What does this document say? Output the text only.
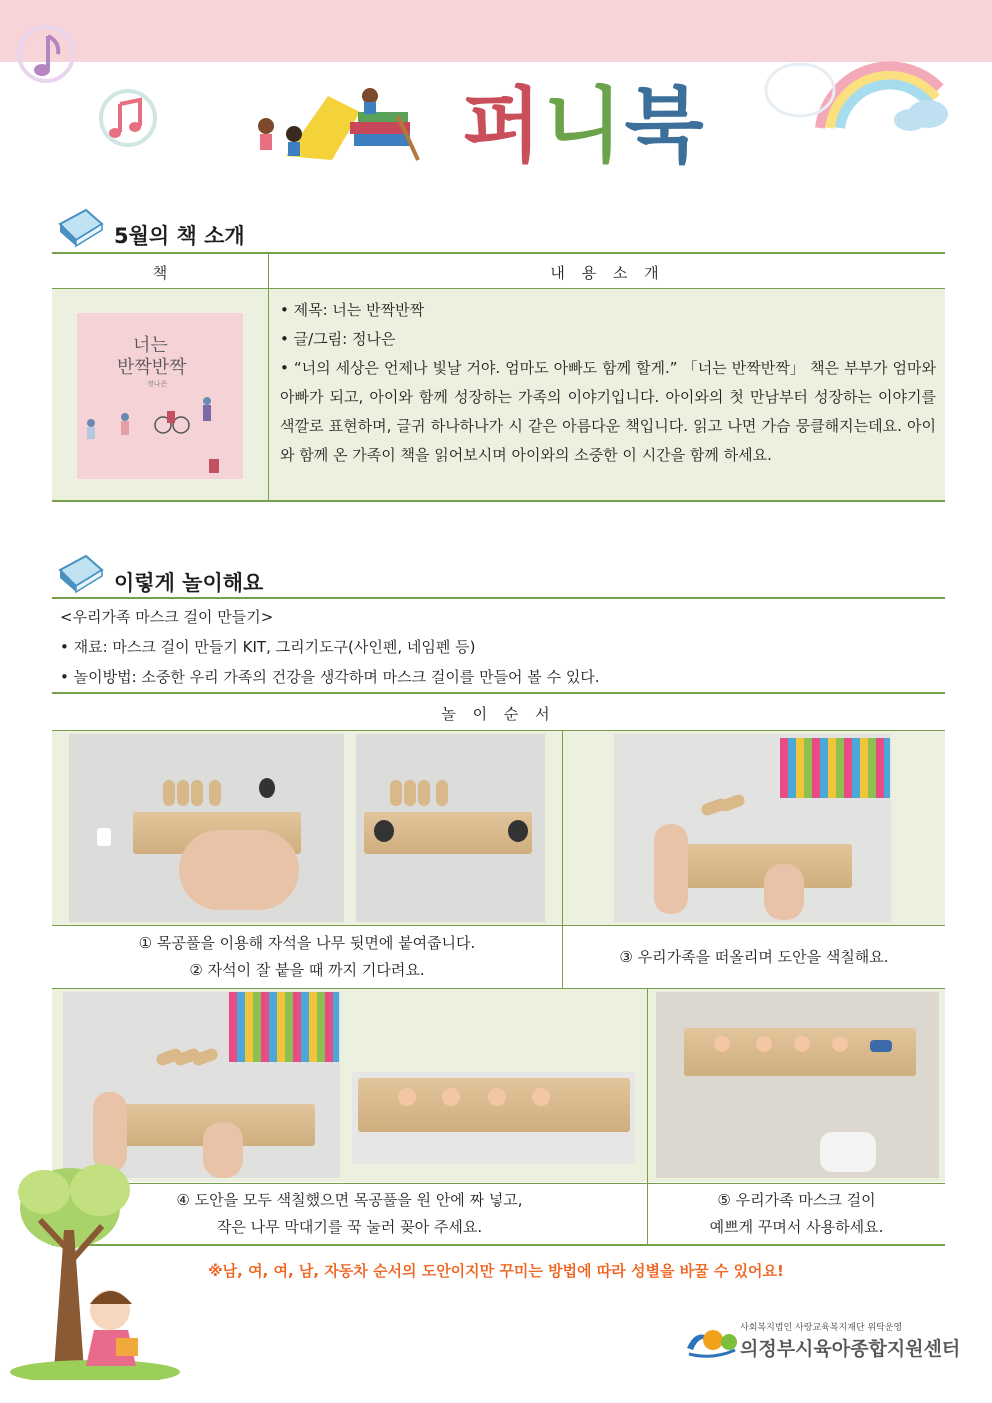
퍼니북
5월의 책 소개
책	내 용 소 개
너는
반짝반짝
정나은
• 제목: 너는 반짝반짝
• 글/그림: 정나은
• “너의 세상은 언제나 빛날 거야. 엄마도 아빠도 함께 할게.” 「너는 반짝반짝」 책은 부부가 엄마와 아빠가 되고, 아이와 함께 성장하는 가족의 이야기입니다. 아이와의 첫 만남부터 성장하는 이야기를 색깔로 표현하며, 글귀 하나하나가 시 같은 아름다운 책입니다. 읽고 나면 가슴 뭉클해지는데요. 아이와 함께 온 가족이 책을 읽어보시며 아이와의 소중한 이 시간을 함께 하세요.
이렇게 놀이해요
<우리가족 마스크 걸이 만들기>
• 재료: 마스크 걸이 만들기 KIT, 그리기도구(사인펜, 네임펜 등)
• 놀이방법: 소중한 우리 가족의 건강을 생각하며 마스크 걸이를 만들어 볼 수 있다.
놀 이 순 서
① 목공풀을 이용해 자석을 나무 뒷면에 붙여줍니다.
② 자석이 잘 붙을 때 까지 기다려요.
③ 우리가족을 떠올리며 도안을 색칠해요.
④ 도안을 모두 색칠했으면 목공풀을 원 안에 짜 넣고,
작은 나무 막대기를 꾹 눌러 꽂아 주세요.
⑤ 우리가족 마스크 걸이
예쁘게 꾸며서 사용하세요.
※남, 여, 여, 남, 자동차 순서의 도안이지만 꾸미는 방법에 따라 성별을 바꿀 수 있어요!
사회복지법인 사랑교육복지재단 위탁운영
의정부시육아종합지원센터
